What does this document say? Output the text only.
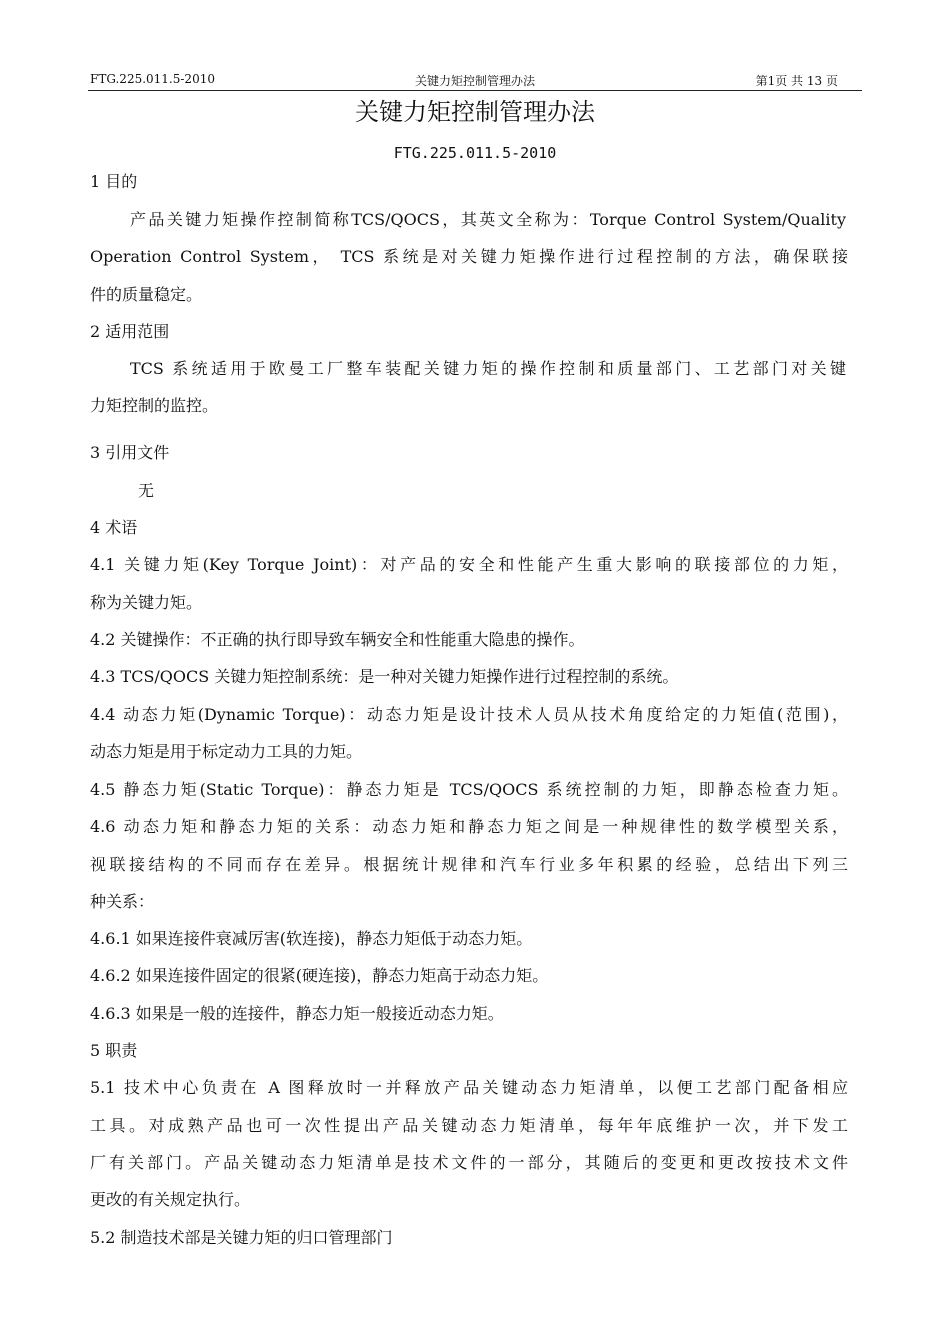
FTG.225.011.5-2010	关键力矩控制管理办法	第1页 共 13 页
关键力矩控制管理办法
FTG.225.011.5-2010
1 目的
产品关键力矩操作控制简称TCS/QOCS，其英文全称为：Torque Control System/Quality
Operation Control System， TCS 系统是对关键力矩操作进行过程控制的方法，确保联接
件的质量稳定。
2 适用范围
TCS 系统适用于欧曼工厂整车装配关键力矩的操作控制和质量部门、工艺部门对关键
力矩控制的监控。
3 引用文件
无
4 术语
4.1 关键力矩(Key Torque Joint)：对产品的安全和性能产生重大影响的联接部位的力矩，
称为关键力矩。
4.2 关键操作：不正确的执行即导致车辆安全和性能重大隐患的操作。
4.3 TCS/QOCS 关键力矩控制系统：是一种对关键力矩操作进行过程控制的系统。
4.4 动态力矩(Dynamic Torque)：动态力矩是设计技术人员从技术角度给定的力矩值(范围)，
动态力矩是用于标定动力工具的力矩。
4.5 静态力矩(Static Torque)：静态力矩是 TCS/QOCS 系统控制的力矩，即静态检查力矩。
4.6 动态力矩和静态力矩的关系：动态力矩和静态力矩之间是一种规律性的数学模型关系，
视联接结构的不同而存在差异。根据统计规律和汽车行业多年积累的经验，总结出下列三
种关系：
4.6.1 如果连接件衰减厉害(软连接)，静态力矩低于动态力矩。
4.6.2 如果连接件固定的很紧(硬连接)，静态力矩高于动态力矩。
4.6.3 如果是一般的连接件，静态力矩一般接近动态力矩。
5 职责
5.1 技术中心负责在 A 图释放时一并释放产品关键动态力矩清单，以便工艺部门配备相应
工具。对成熟产品也可一次性提出产品关键动态力矩清单，每年年底维护一次，并下发工
厂有关部门。产品关键动态力矩清单是技术文件的一部分，其随后的变更和更改按技术文件
更改的有关规定执行。
5.2 制造技术部是关键力矩的归口管理部门
